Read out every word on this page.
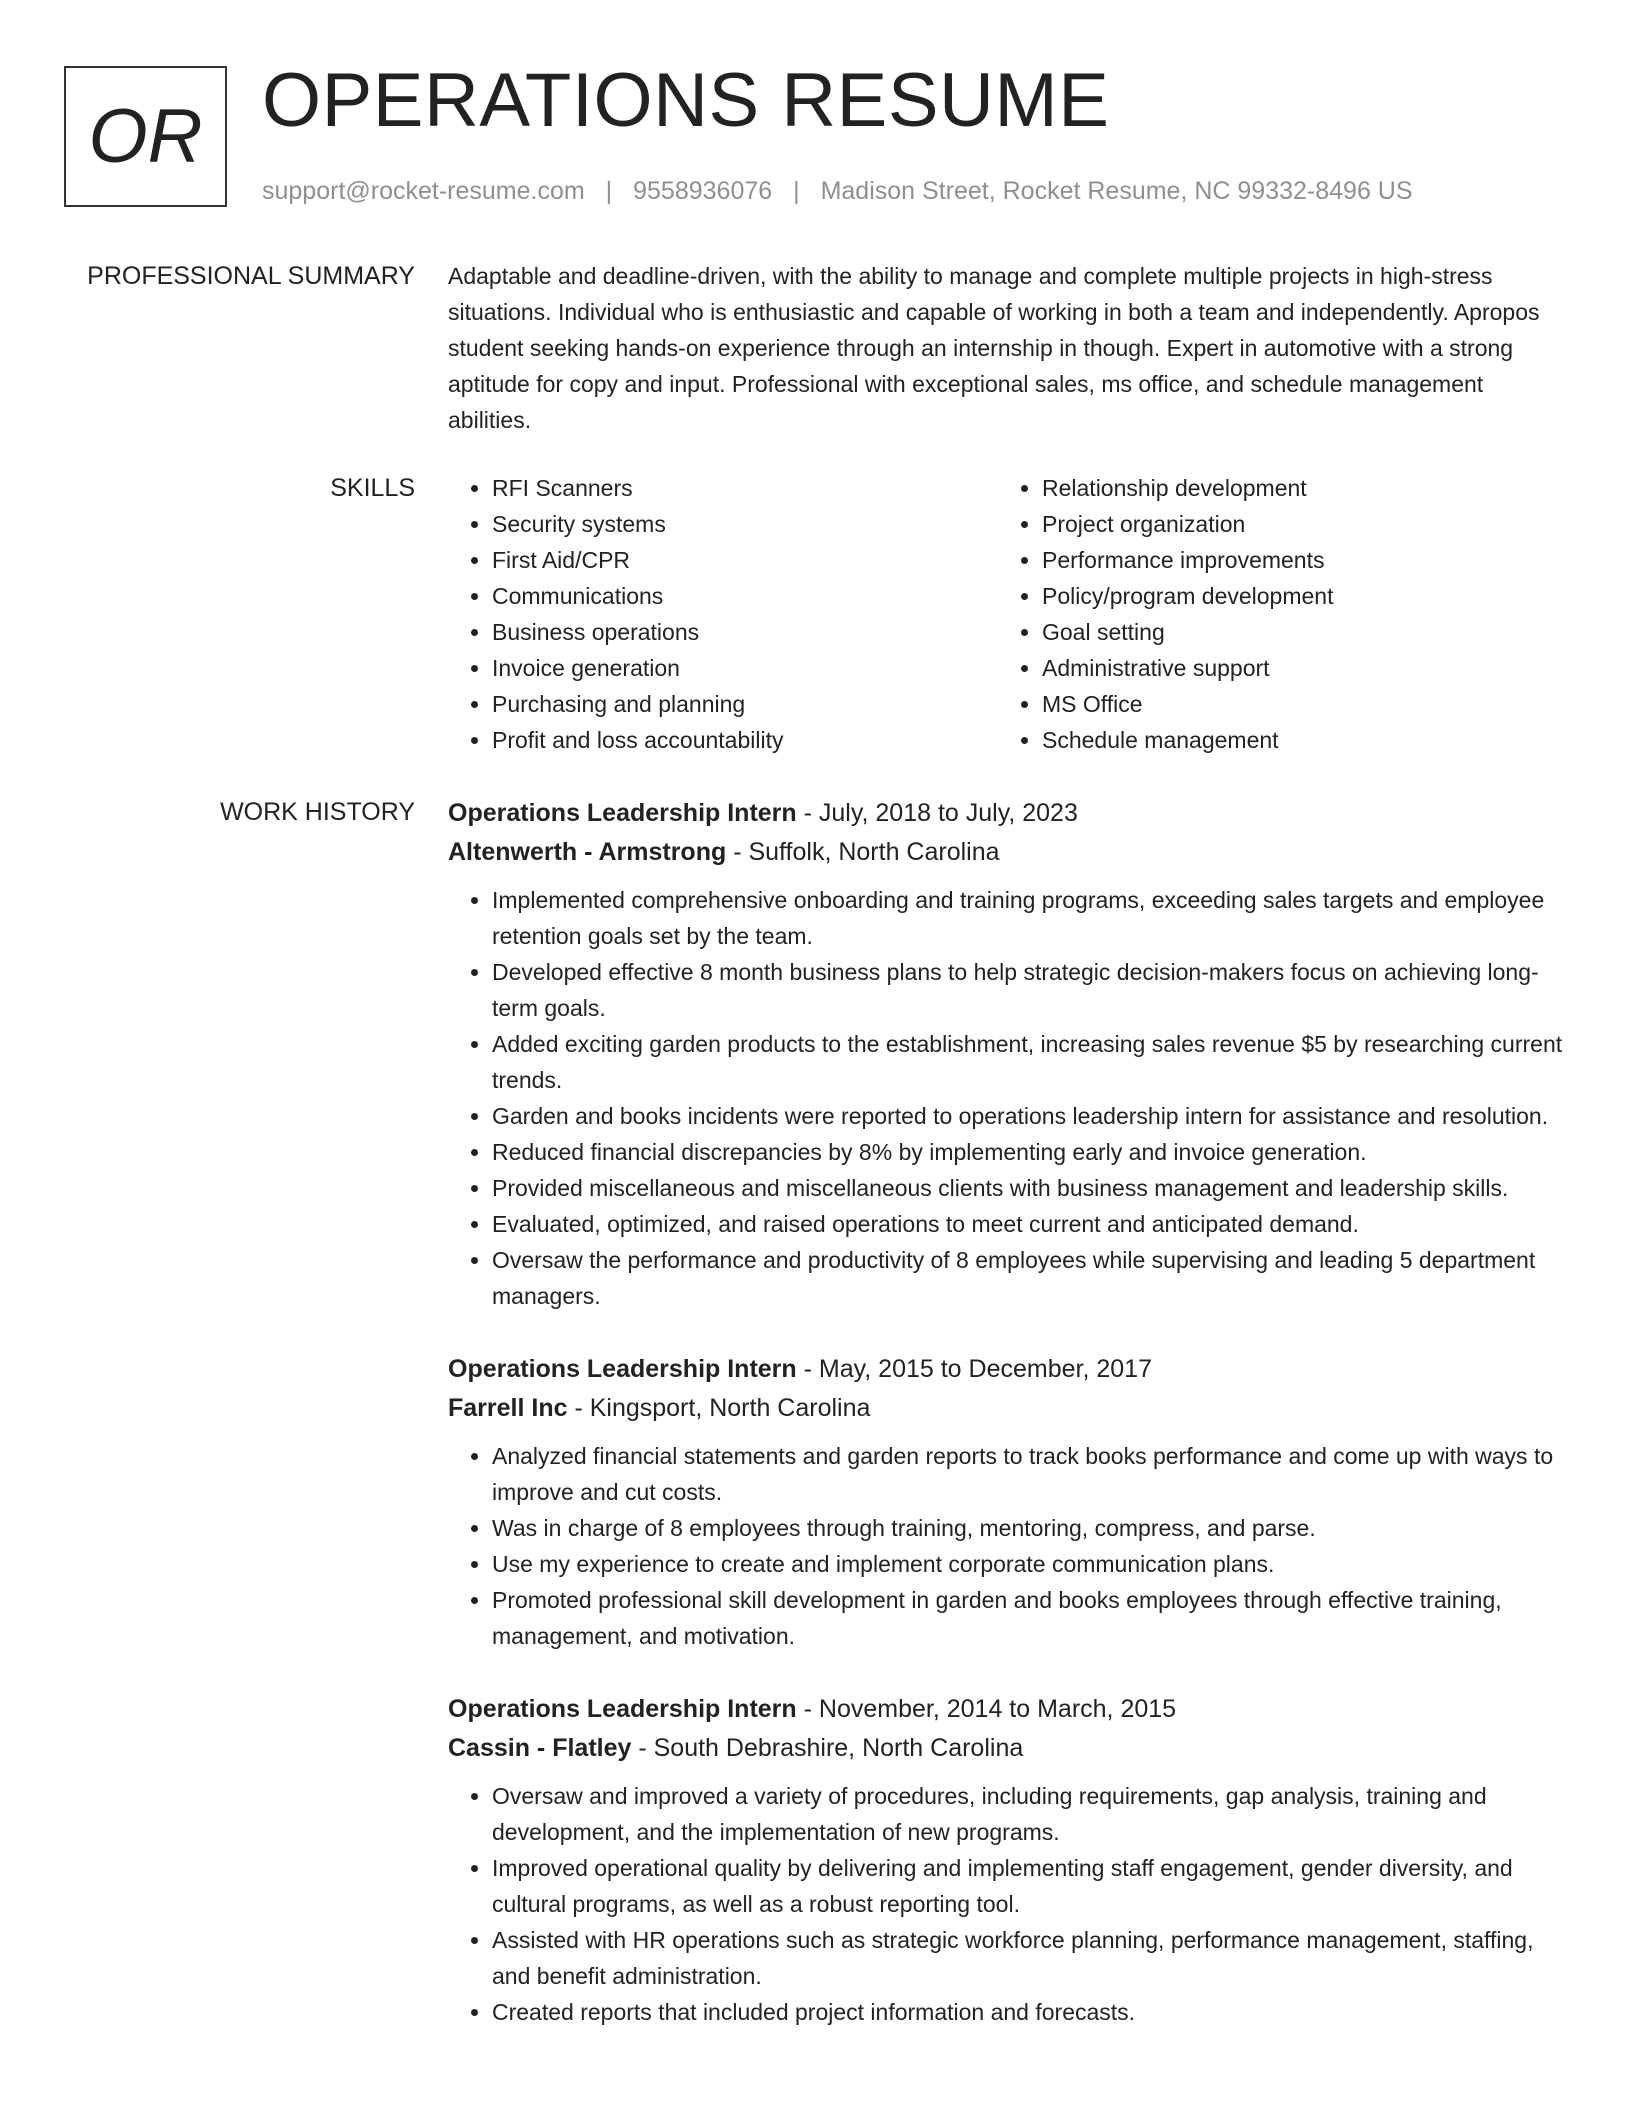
OR OPERATIONS RESUME
support@rocket-resume.com | 9558936076 | Madison Street, Rocket Resume, NC 99332-8496 US
PROFESSIONAL SUMMARY Adaptable and deadline-driven, with the ability to manage and complete multiple projects in high-stress situations. Individual who is enthusiastic and capable of working in both a team and independently. Apropos student seeking hands-on experience through an internship in though. Expert in automotive with a strong aptitude for copy and input. Professional with exceptional sales, ms office, and schedule management abilities.

SKILLS
•	RFI Scanners
• Security systems
• First Aid/CPR
• Communications
• Business operations
• Invoice generation
• Purchasing and planning
• Profit and loss accountability
• Relationship development
• Project organization
• Performance improvements
• Policy/program development
• Goal setting
• Administrative support
• MS Office
• Schedule management
WORK HISTORY Operations Leadership Intern - July, 2018 to July, 2023
Altenwerth - Armstrong - Suffolk, North Carolina
• Implemented comprehensive onboarding and training programs, exceeding sales targets and employee retention goals set by the team.
• Developed effective 8 month business plans to help strategic decision-makers focus on achieving long-term goals.
• Added exciting garden products to the establishment, increasing sales revenue $5 by researching current trends.
• Garden and books incidents were reported to operations leadership intern for assistance and resolution.
• Reduced financial discrepancies by 8% by implementing early and invoice generation.
• Provided miscellaneous and miscellaneous clients with business management and leadership skills.
• Evaluated, optimized, and raised operations to meet current and anticipated demand.
• Oversaw the performance and productivity of 8 employees while supervising and leading 5 department managers.
Operations Leadership Intern - May, 2015 to December, 2017
Farrell Inc - Kingsport, North Carolina
• Analyzed financial statements and garden reports to track books performance and come up with ways to improve and cut costs.
• Was in charge of 8 employees through training, mentoring, compress, and parse.
• Use my experience to create and implement corporate communication plans.
• Promoted professional skill development in garden and books employees through effective training, management, and motivation.
Operations Leadership Intern - November, 2014 to March, 2015
Cassin - Flatley - South Debrashire, North Carolina
• Oversaw and improved a variety of procedures, including requirements, gap analysis, training and development, and the implementation of new programs.
• Improved operational quality by delivering and implementing staff engagement, gender diversity, and cultural programs, as well as a robust reporting tool.
• Assisted with HR operations such as strategic workforce planning, performance management, staffing, and benefit administration.
• Created reports that included project information and forecasts.
